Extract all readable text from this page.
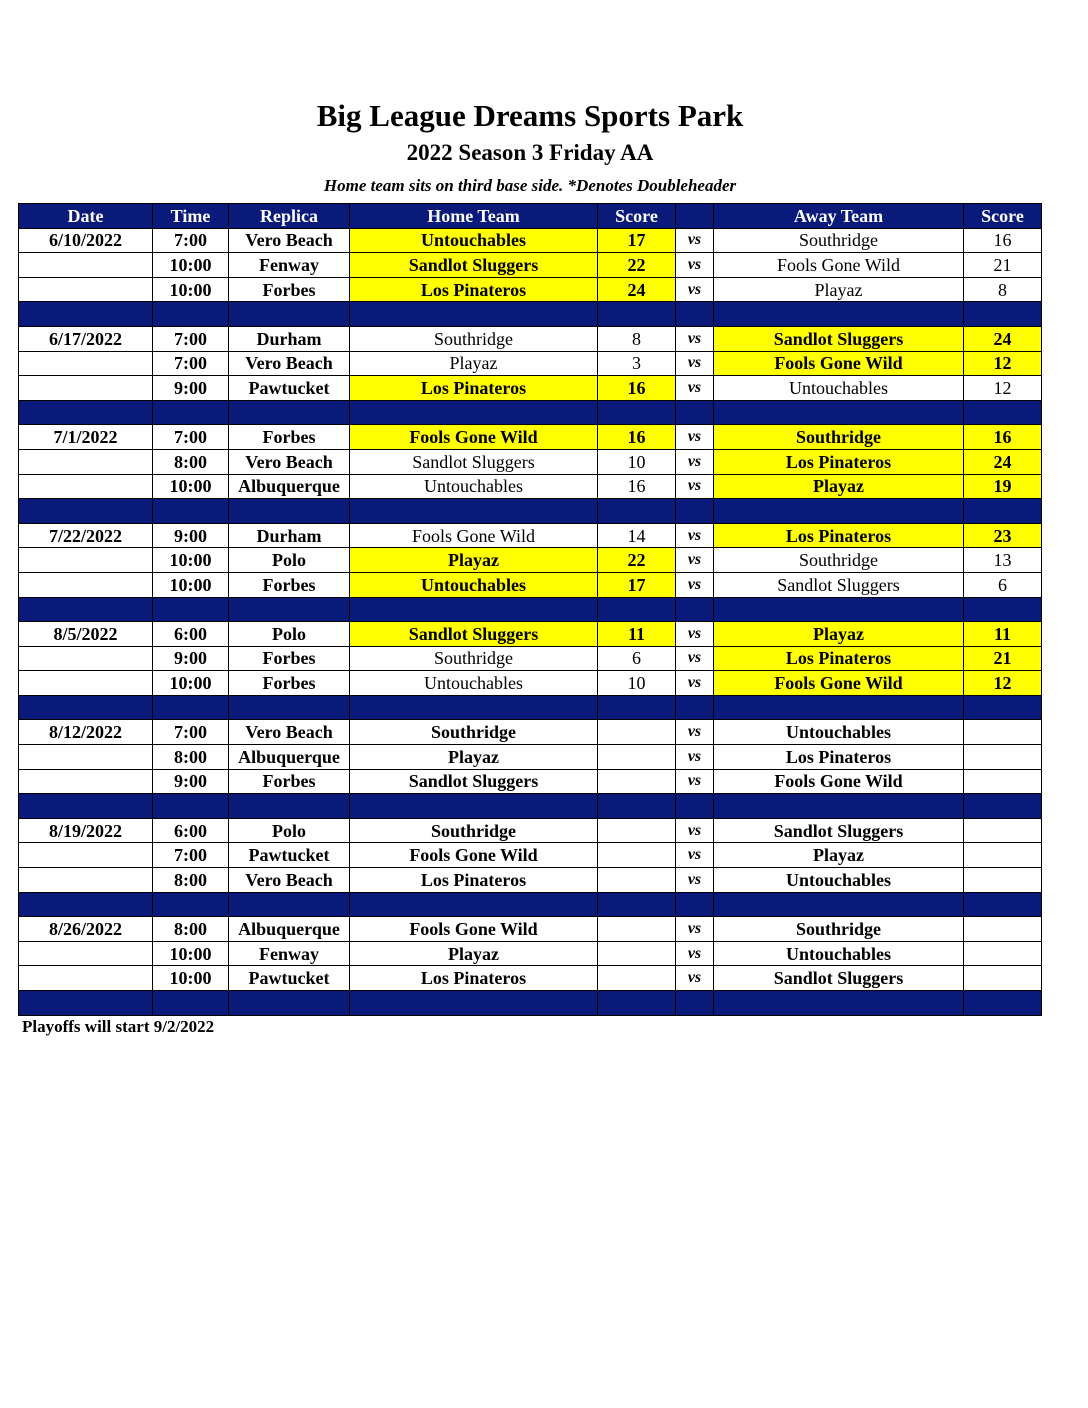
Big League Dreams Sports Park
2022 Season 3 Friday AA
Home team sits on third base side. *Denotes Doubleheader
Date	Time	Replica	Home Team	Score		Away Team	Score
6/10/2022	7:00	Vero Beach	Untouchables	17	vs	Southridge	16
	10:00	Fenway	Sandlot Sluggers	22	vs	Fools Gone Wild	21
	10:00	Forbes	Los Pinateros	24	vs	Playaz	8

6/17/2022	7:00	Durham	Southridge	8	vs	Sandlot Sluggers	24
	7:00	Vero Beach	Playaz	3	vs	Fools Gone Wild	12
	9:00	Pawtucket	Los Pinateros	16	vs	Untouchables	12

7/1/2022	7:00	Forbes	Fools Gone Wild	16	vs	Southridge	16
	8:00	Vero Beach	Sandlot Sluggers	10	vs	Los Pinateros	24
	10:00	Albuquerque	Untouchables	16	vs	Playaz	19

7/22/2022	9:00	Durham	Fools Gone Wild	14	vs	Los Pinateros	23
	10:00	Polo	Playaz	22	vs	Southridge	13
	10:00	Forbes	Untouchables	17	vs	Sandlot Sluggers	6

8/5/2022	6:00	Polo	Sandlot Sluggers	11	vs	Playaz	11
	9:00	Forbes	Southridge	6	vs	Los Pinateros	21
	10:00	Forbes	Untouchables	10	vs	Fools Gone Wild	12

8/12/2022	7:00	Vero Beach	Southridge		vs	Untouchables	
	8:00	Albuquerque	Playaz		vs	Los Pinateros	
	9:00	Forbes	Sandlot Sluggers		vs	Fools Gone Wild	

8/19/2022	6:00	Polo	Southridge		vs	Sandlot Sluggers	
	7:00	Pawtucket	Fools Gone Wild		vs	Playaz	
	8:00	Vero Beach	Los Pinateros		vs	Untouchables	

8/26/2022	8:00	Albuquerque	Fools Gone Wild		vs	Southridge	
	10:00	Fenway	Playaz		vs	Untouchables	
	10:00	Pawtucket	Los Pinateros		vs	Sandlot Sluggers	

Playoffs will start 9/2/2022
